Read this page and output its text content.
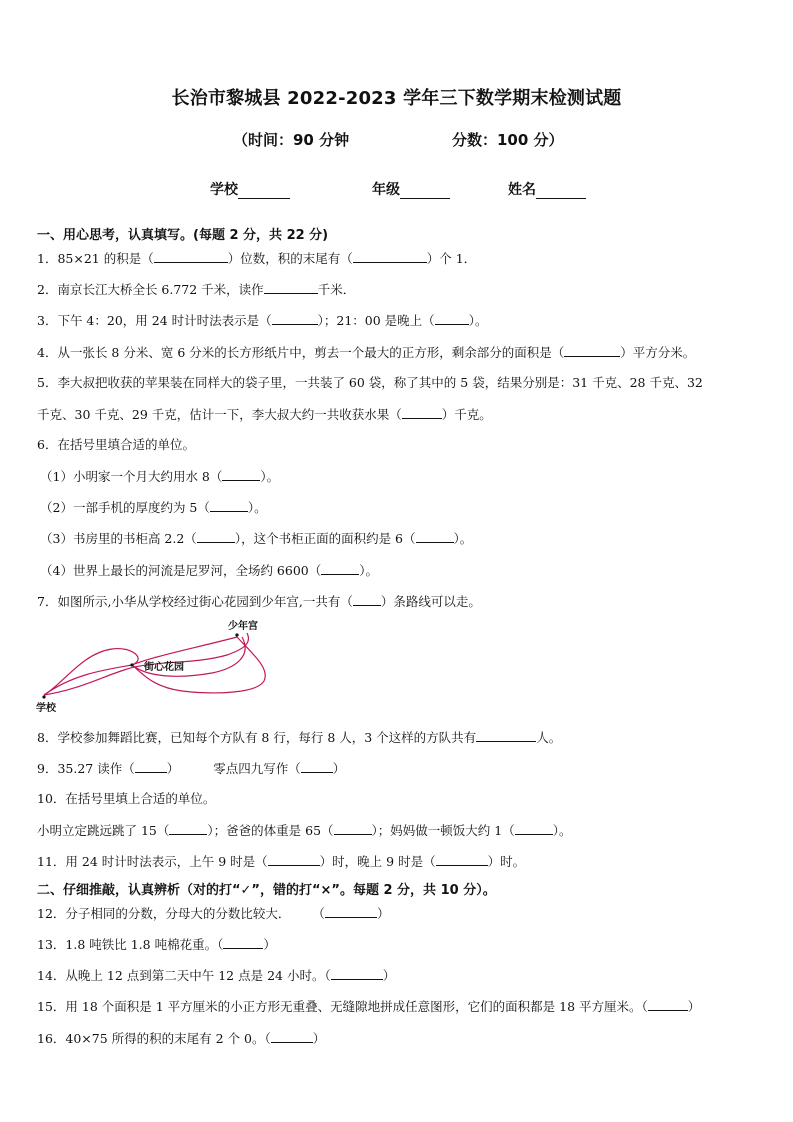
长治市黎城县 2022-2023 学年三下数学期末检测试题
（时间：90 分钟	分数：100 分）
学校	年级	姓名
一、用心思考，认真填写。(每题 2 分，共 22 分)
1．85×21 的积是（	）位数，积的末尾有（	）个 1．
2．南京长江大桥全长 6.772 千米，读作	千米．
3．下午 4：20，用 24 时计时法表示是（	）；21：00 是晚上（	）。
4．从一张长 8 分米、宽 6 分米的长方形纸片中，剪去一个最大的正方形，剩余部分的面积是（	）平方分米。
5．李大叔把收获的苹果装在同样大的袋子里，一共装了 60 袋，称了其中的 5 袋，结果分别是：31 千克、28 千克、32
千克、30 千克、29 千克，估计一下，李大叔大约一共收获水果（	）千克。
6．在括号里填合适的单位。
（1）小明家一个月大约用水 8（	）。
（2）一部手机的厚度约为 5（	）。
（3）书房里的书柜高 2.2（	），这个书柜正面的面积约是 6（	）。
（4）世界上最长的河流是尼罗河，全场约 6600（	）。
7．如图所示,小华从学校经过街心花园到少年宫,一共有（ ）条路线可以走。
少年宫
街心花园
学校
8．学校参加舞蹈比赛，已知每个方队有 8 行，每行 8 人，3 个这样的方队共有	人。
9．35.27 读作（	）	零点四九写作（	）
10．在括号里填上合适的单位。
小明立定跳远跳了 15（	）；爸爸的体重是 65（	）；妈妈做一顿饭大约 1（	）。
11．用 24 时计时法表示，上午 9 时是（	）时，晚上 9 时是（	）时。
二、仔细推敲，认真辨析（对的打“✓”，错的打“×”。每题 2 分，共 10 分）。
12．分子相同的分数，分母大的分数比较大． （	）
13．1.8 吨铁比 1.8 吨棉花重。（	）
14．从晚上 12 点到第二天中午 12 点是 24 小时。（	）
15．用 18 个面积是 1 平方厘米的小正方形无重叠、无缝隙地拼成任意图形，它们的面积都是 18 平方厘米。（	）
16．40×75 所得的积的末尾有 2 个 0。（	）
